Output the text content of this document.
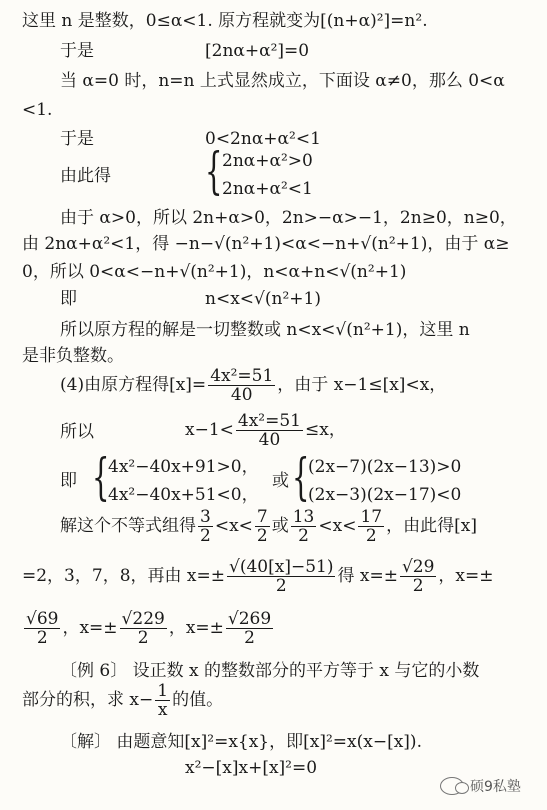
这里 n 是整数，0≤α<1. 原方程就变为[(n+α)²]=n².
于是	[2nα+α²]=0
当 α=0 时，n=n 上式显然成立，下面设 α≠0，那么 0<α
<1.
于是	0<2nα+α²<1
由此得 { 2nα+α²>0
2nα+α²<1
由于 α>0，所以 2n+α>0，2n>−α>−1，2n≥0，n≥0，
由 2nα+α²<1，得 −n−√(n²+1)<α<−n+√(n²+1)，由于 α≥
0，所以 0<α<−n+√(n²+1)，n<α+n<√(n²+1)
即	n<x<√(n²+1)
所以原方程的解是一切整数或 n<x<√(n²+1)，这里 n
是非负整数。
(4)由原方程得$[x]= \frac{\text{4x²=51}}{40}$ ，由于 x−1≤[x]<x，
所以	$x-1< \frac{\text{4x²=51}}{40} \le x$，
即 {
4x²−40x+91>0，
4x²−40x+51<0，
或 {
(2x−7)(2x−13)>0
(2x−3)(2x−17)<0
解这个不等式组得 $\frac{3}{2} <x< \frac{7}{2}$ 或 $\frac{13}{2} <x< \frac{17}{2}$ ，由此得[x]
=2，3，7，8，再由 $x=\pm \frac{√(40[x]-51)}{2}$ 得 $x=\pm \frac{√29}{2}$ ，x=±
$\frac{√69}{2}$ ，$x=\pm \frac{√229}{2}$ ，$x=\pm \frac{√269}{2}$
〔例 6〕 设正数 x 的整数部分的平方等于 x 与它的小数
部分的积，求 $x- \frac{1}{x}$ 的值。
〔解〕 由题意知[x]²=x{x}，即[x]²=x(x−[x]).
x²−[x]x+[x]²=0
硕9私塾
